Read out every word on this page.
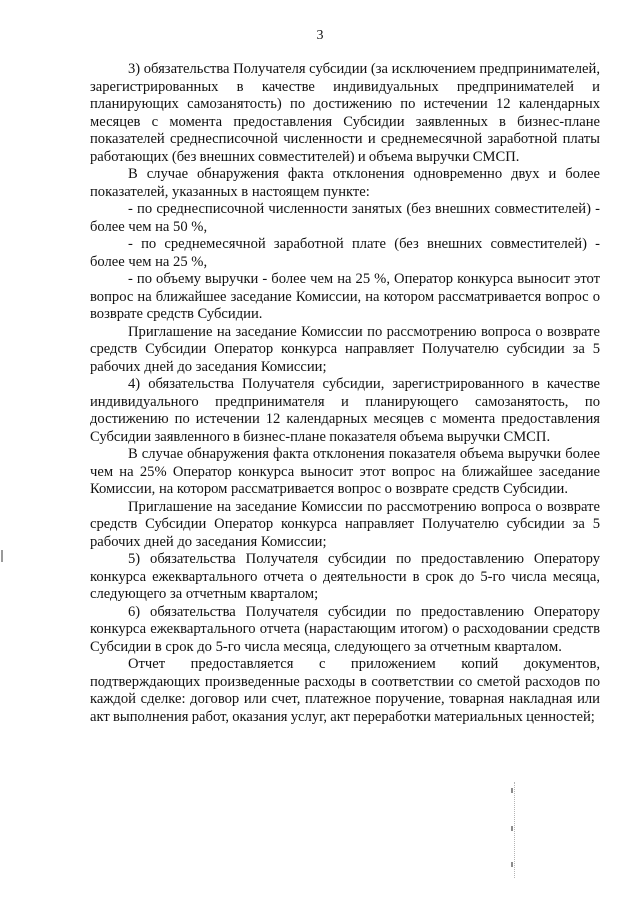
3

3) обязательства Получателя субсидии (за исключением предпринимателей, зарегистрированных в качестве индивидуальных предпринимателей и планирующих самозанятость) по достижению по истечении 12 календарных месяцев с момента предоставления Субсидии заявленных в бизнес-плане показателей среднесписочной численности и среднемесячной заработной платы работающих (без внешних совместителей) и объема выручки СМСП.

В случае обнаружения факта отклонения одновременно двух и более показателей, указанных в настоящем пункте:

- по среднесписочной численности занятых (без внешних совместителей) - более чем на 50 %,

- по среднемесячной заработной плате (без внешних совместителей) - более чем на 25 %,

- по объему выручки - более чем на 25 %, Оператор конкурса выносит этот вопрос на ближайшее заседание Комиссии, на котором рассматривается вопрос о возврате средств Субсидии.

Приглашение на заседание Комиссии по рассмотрению вопроса о возврате средств Субсидии Оператор конкурса направляет Получателю субсидии за 5 рабочих дней до заседания Комиссии;

4) обязательства Получателя субсидии, зарегистрированного в качестве индивидуального предпринимателя и планирующего самозанятость, по достижению по истечении 12 календарных месяцев с момента предоставления Субсидии заявленного в бизнес-плане показателя объема выручки СМСП.

В случае обнаружения факта отклонения показателя объема выручки более чем на 25% Оператор конкурса выносит этот вопрос на ближайшее заседание Комиссии, на котором рассматривается вопрос о возврате средств Субсидии.

Приглашение на заседание Комиссии по рассмотрению вопроса о возврате средств Субсидии Оператор конкурса направляет Получателю субсидии за 5 рабочих дней до заседания Комиссии;

5) обязательства Получателя субсидии по предоставлению Оператору конкурса ежеквартального отчета о деятельности в срок до 5-го числа месяца, следующего за отчетным кварталом;

6) обязательства Получателя субсидии по предоставлению Оператору конкурса ежеквартального отчета (нарастающим итогом) о расходовании средств Субсидии в срок до 5-го числа месяца, следующего за отчетным кварталом.

Отчет предоставляется с приложением копий документов, подтверждающих произведенные расходы в соответствии со сметой расходов по каждой сделке: договор или счет, платежное поручение, товарная накладная или акт выполнения работ, оказания услуг, акт переработки материальных ценностей;
